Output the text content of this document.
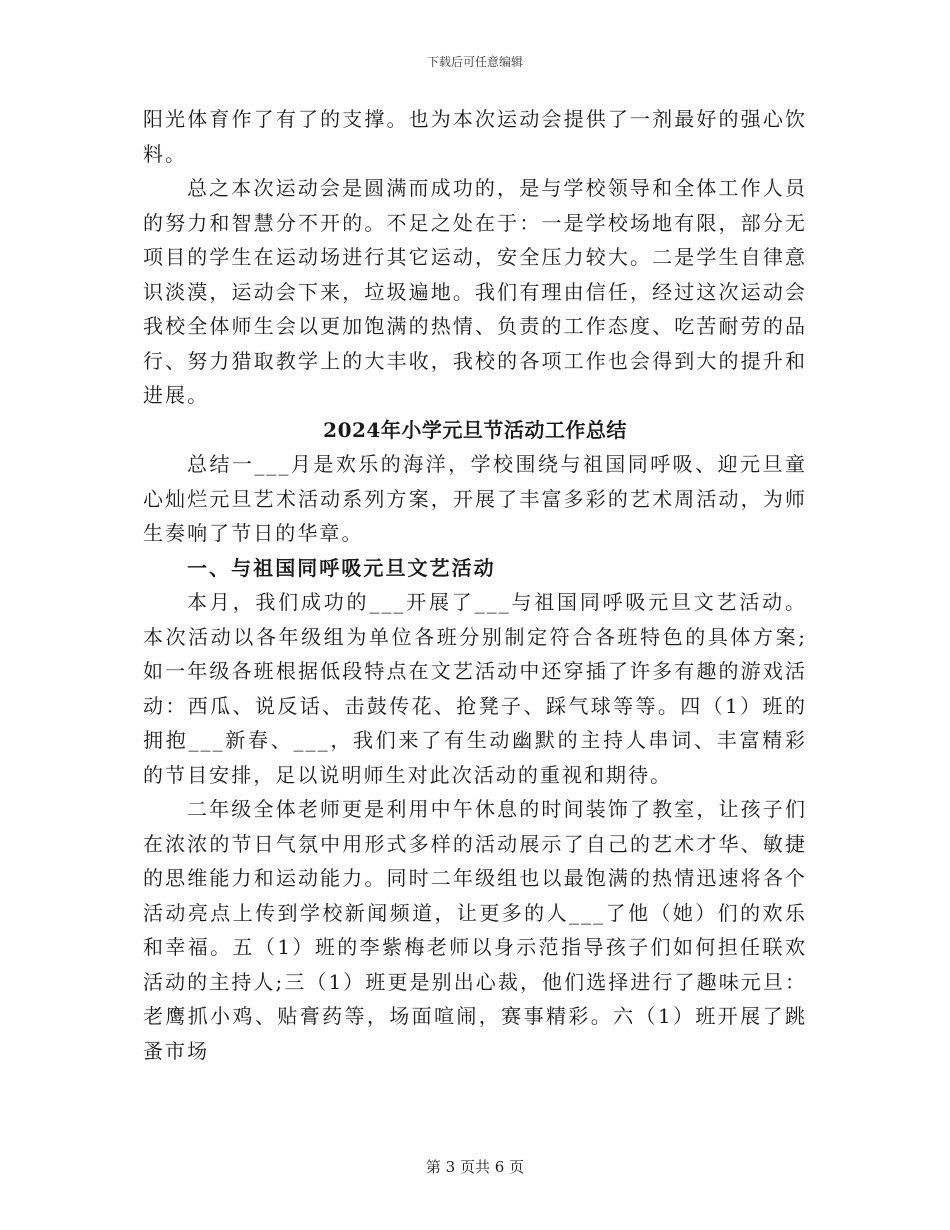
下载后可任意编辑

阳光体育作了有了的支撑。也为本次运动会提供了一剂最好的强心饮料。

总之本次运动会是圆满而成功的，是与学校领导和全体工作人员的努力和智慧分不开的。不足之处在于：一是学校场地有限，部分无项目的学生在运动场进行其它运动，安全压力较大。二是学生自律意识淡漠，运动会下来，垃圾遍地。我们有理由信任，经过这次运动会我校全体师生会以更加饱满的热情、负责的工作态度、吃苦耐劳的品行、努力猎取教学上的大丰收，我校的各项工作也会得到大的提升和进展。

2024年小学元旦节活动工作总结

总结一___月是欢乐的海洋，学校围绕与祖国同呼吸、迎元旦童心灿烂元旦艺术活动系列方案，开展了丰富多彩的艺术周活动，为师生奏响了节日的华章。

一、与祖国同呼吸元旦文艺活动

本月，我们成功的___开展了___与祖国同呼吸元旦文艺活动。本次活动以各年级组为单位各班分别制定符合各班特色的具体方案;如一年级各班根据低段特点在文艺活动中还穿插了许多有趣的游戏活动：西瓜、说反话、击鼓传花、抢凳子、踩气球等等。四（1）班的拥抱___新春、___，我们来了有生动幽默的主持人串词、丰富精彩的节目安排，足以说明师生对此次活动的重视和期待。

二年级全体老师更是利用中午休息的时间装饰了教室，让孩子们在浓浓的节日气氛中用形式多样的活动展示了自己的艺术才华、敏捷的思维能力和运动能力。同时二年级组也以最饱满的热情迅速将各个活动亮点上传到学校新闻频道，让更多的人___了他（她）们的欢乐和幸福。五（1）班的李紫梅老师以身示范指导孩子们如何担任联欢活动的主持人;三（1）班更是别出心裁，他们选择进行了趣味元旦：老鹰抓小鸡、贴膏药等，场面喧闹，赛事精彩。六（1）班开展了跳蚤市场

第 3 页共 6 页
